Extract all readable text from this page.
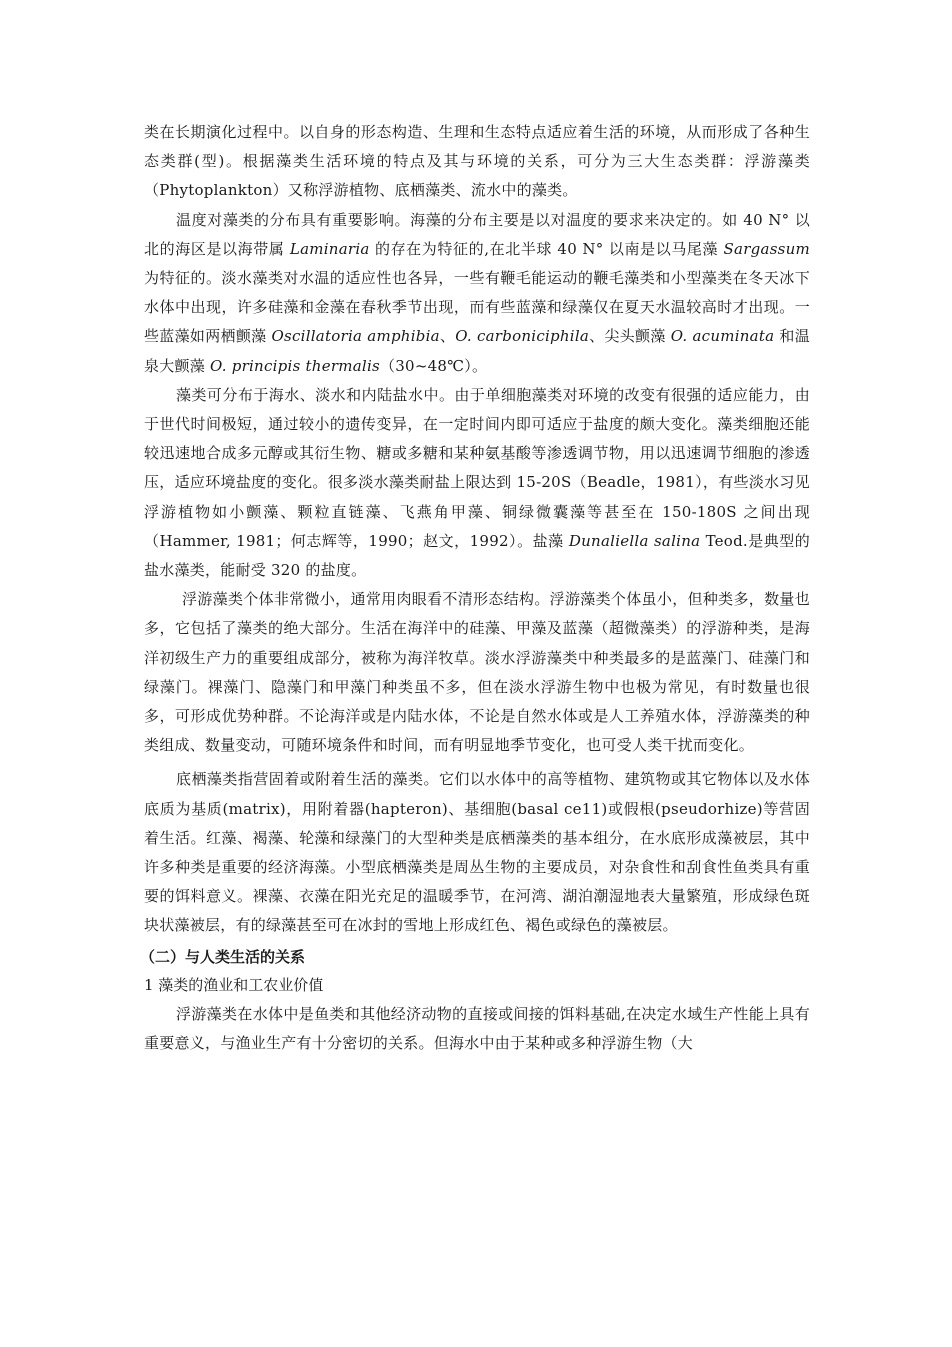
类在长期演化过程中。以自身的形态构造、生理和生态特点适应着生活的环境，从而形成了各种生态类群(型)。根据藻类生活环境的特点及其与环境的关系，可分为三大生态类群：浮游藻类（Phytoplankton）又称浮游植物、底栖藻类、流水中的藻类。

温度对藻类的分布具有重要影响。海藻的分布主要是以对温度的要求来决定的。如 40 N° 以北的海区是以海带属 Laminaria 的存在为特征的,在北半球 40 N° 以南是以马尾藻 Sargassum 为特征的。淡水藻类对水温的适应性也各异，一些有鞭毛能运动的鞭毛藻类和小型藻类在冬天冰下水体中出现，许多硅藻和金藻在春秋季节出现，而有些蓝藻和绿藻仅在夏天水温较高时才出现。一些蓝藻如两栖颤藻 Oscillatoria amphibia、O. carboniciphila、尖头颤藻 O. acuminata 和温泉大颤藻 O. principis thermalis（30~48℃）。

藻类可分布于海水、淡水和内陆盐水中。由于单细胞藻类对环境的改变有很强的适应能力，由于世代时间极短，通过较小的遗传变异，在一定时间内即可适应于盐度的颇大变化。藻类细胞还能较迅速地合成多元醇或其衍生物、糖或多糖和某种氨基酸等渗透调节物，用以迅速调节细胞的渗透压，适应环境盐度的变化。很多淡水藻类耐盐上限达到 15-20S（Beadle，1981），有些淡水习见浮游植物如小颤藻、颗粒直链藻、飞燕角甲藻、铜绿微囊藻等甚至在 150-180S 之间出现（Hammer, 1981；何志辉等，1990；赵文，1992）。盐藻 Dunaliella salina Teod.是典型的盐水藻类，能耐受 320 的盐度。

浮游藻类个体非常微小，通常用肉眼看不清形态结构。浮游藻类个体虽小，但种类多，数量也多，它包括了藻类的绝大部分。生活在海洋中的硅藻、甲藻及蓝藻（超微藻类）的浮游种类，是海洋初级生产力的重要组成部分，被称为海洋牧草。淡水浮游藻类中种类最多的是蓝藻门、硅藻门和绿藻门。裸藻门、隐藻门和甲藻门种类虽不多，但在淡水浮游生物中也极为常见，有时数量也很多，可形成优势种群。不论海洋或是内陆水体，不论是自然水体或是人工养殖水体，浮游藻类的种类组成、数量变动，可随环境条件和时间，而有明显地季节变化，也可受人类干扰而变化。

底栖藻类指营固着或附着生活的藻类。它们以水体中的高等植物、建筑物或其它物体以及水体底质为基质(matrix)，用附着器(hapteron)、基细胞(basal ce11)或假根(pseudorhize)等营固着生活。红藻、褐藻、轮藻和绿藻门的大型种类是底栖藻类的基本组分，在水底形成藻被层，其中许多种类是重要的经济海藻。小型底栖藻类是周丛生物的主要成员，对杂食性和刮食性鱼类具有重要的饵料意义。裸藻、衣藻在阳光充足的温暖季节，在河湾、湖泊潮湿地表大量繁殖，形成绿色斑块状藻被层，有的绿藻甚至可在冰封的雪地上形成红色、褐色或绿色的藻被层。

（二）与人类生活的关系
1 藻类的渔业和工农业价值

浮游藻类在水体中是鱼类和其他经济动物的直接或间接的饵料基础,在决定水域生产性能上具有重要意义，与渔业生产有十分密切的关系。但海水中由于某种或多种浮游生物（大
